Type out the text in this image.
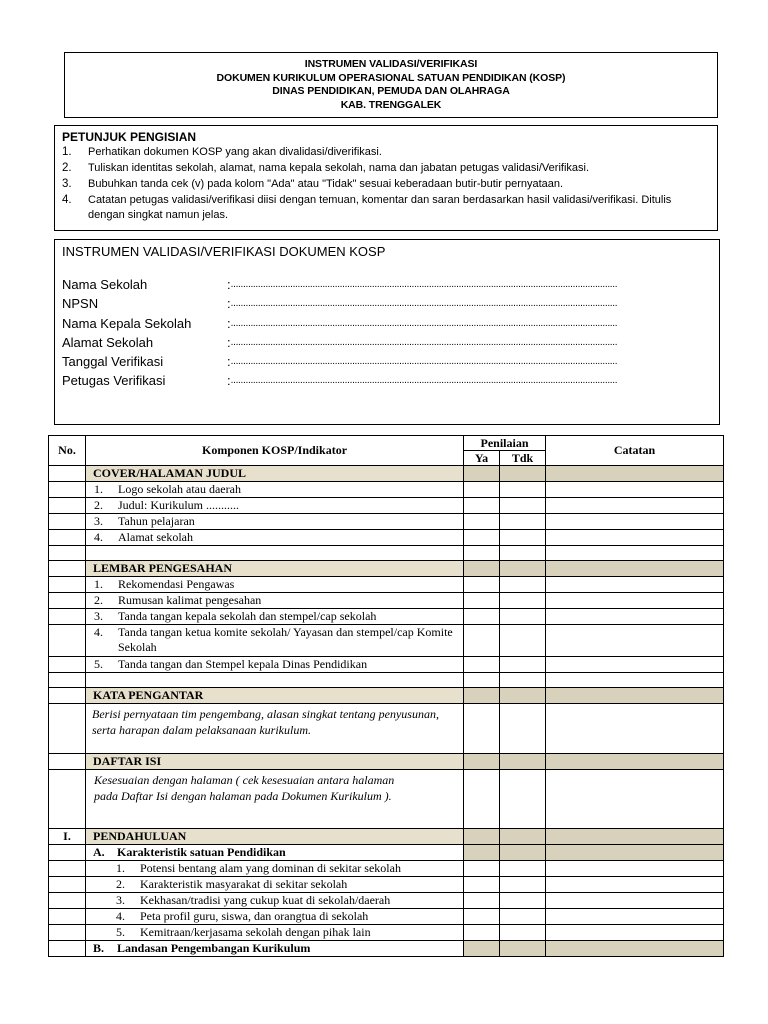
INSTRUMEN VALIDASI/VERIFIKASI
DOKUMEN KURIKULUM OPERASIONAL SATUAN PENDIDIKAN (KOSP)
DINAS PENDIDIKAN, PEMUDA DAN OLAHRAGA
KAB. TRENGGALEK
PETUNJUK PENGISIAN
1.	Perhatikan dokumen KOSP yang akan divalidasi/diverifikasi.
2.	Tuliskan identitas sekolah, alamat, nama kepala sekolah, nama dan jabatan petugas validasi/Verifikasi.
3.	Bubuhkan tanda cek (v) pada kolom "Ada" atau "Tidak" sesuai keberadaan butir-butir pernyataan.
4.	Catatan petugas validasi/verifikasi diisi dengan temuan, komentar dan saran berdasarkan hasil validasi/verifikasi. Ditulis dengan singkat namun jelas.
INSTRUMEN VALIDASI/VERIFIKASI DOKUMEN KOSP
Nama Sekolah	: ............................................................................................................................................................
NPSN	: ............................................................................................................................................................
Nama Kepala Sekolah	: ............................................................................................................................................................
Alamat Sekolah	: ............................................................................................................................................................
Tanggal Verifikasi	: ............................................................................................................................................................
Petugas Verifikasi	: ............................................................................................................................................................
No.	Komponen KOSP/Indikator	Penilaian		Catatan
		Ya	Tdk	
	COVER/HALAMAN JUDUL			
	1. Logo sekolah atau daerah			
	2. Judul: Kurikulum ...........			
	3. Tahun pelajaran			
	4. Alamat sekolah			

	LEMBAR PENGESAHAN			
	1. Rekomendasi Pengawas			
	2. Rumusan kalimat pengesahan			
	3. Tanda tangan kepala sekolah dan stempel/cap sekolah			

	4. Tanda tangan ketua komite sekolah/ Yayasan dan stempel/cap Komite Sekolah			

	5. Tanda tangan dan Stempel kepala Dinas Pendidikan			

	KATA PENGANTAR			

	Berisi pernyataan tim pengembang, alasan singkat tentang penyusunan, serta harapan dalam pelaksanaan kurikulum.			

	DAFTAR ISI			

	Kesesuaian dengan halaman ( cek kesesuaian antara halaman pada Daftar Isi dengan halaman pada Dokumen Kurikulum ).			

I.	PENDAHULUAN			
	A. Karakteristik satuan Pendidikan			
	1. Potensi bentang alam yang dominan di sekitar sekolah			
	2. Karakteristik masyarakat di sekitar sekolah			
	3. Kekhasan/tradisi yang cukup kuat di sekolah/daerah			
	4. Peta profil guru, siswa, dan orangtua di sekolah			
	5. Kemitraan/kerjasama sekolah dengan pihak lain			
	B. Landasan Pengembangan Kurikulum			
